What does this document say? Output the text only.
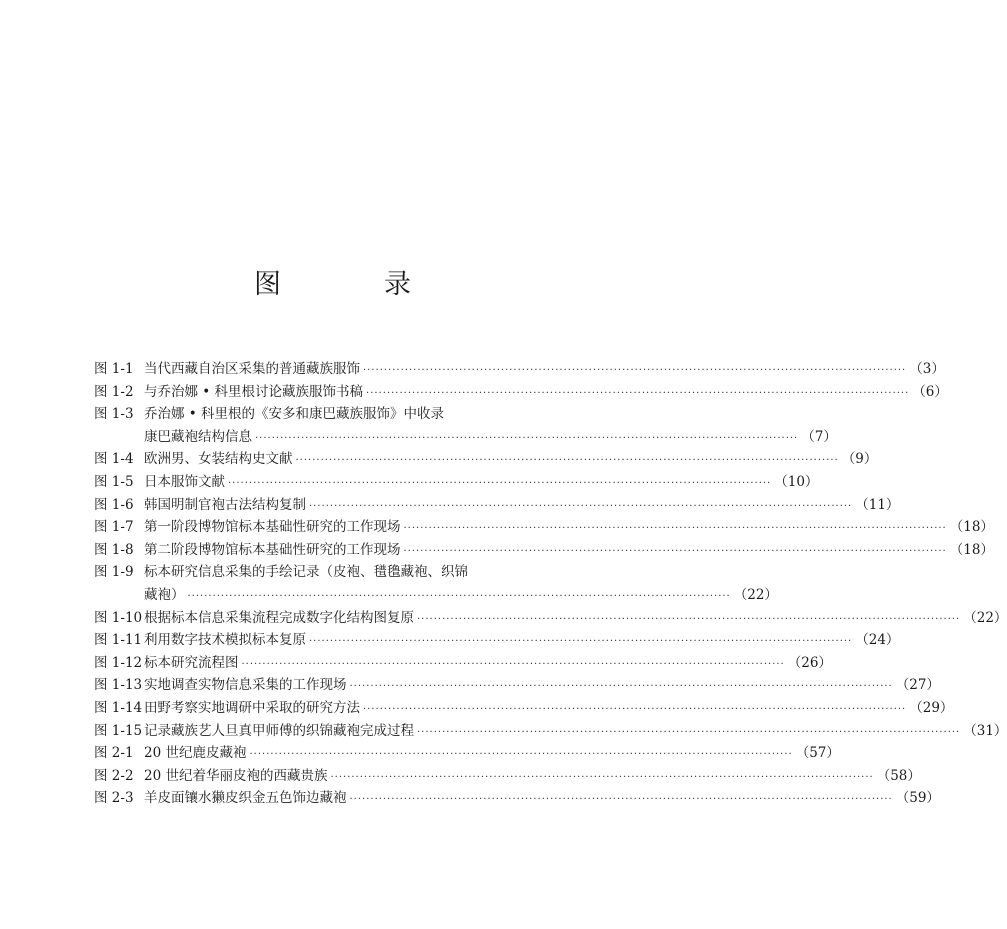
图　录
图 1-1 当代西藏自治区采集的普通藏族服饰 ·····	（3）
图 1-2 与乔治娜 • 科里根讨论藏族服饰书稿 ·····	（6）
图 1-3 乔治娜 • 科里根的《安多和康巴藏族服饰》中收录
康巴藏袍结构信息 ·····	（7）
图 1-4 欧洲男、女装结构史文献 ·····	（9）
图 1-5 日本服饰文献 ·····	（10）
图 1-6 韩国明制官袍古法结构复制 ·····	（11）
图 1-7 第一阶段博物馆标本基础性研究的工作现场 ·····	（18）
图 1-8 第二阶段博物馆标本基础性研究的工作现场 ·····	（18）
图 1-9 标本研究信息采集的手绘记录（皮袍、氆氇藏袍、织锦
藏袍） ·····	（22）
图 1-10 根据标本信息采集流程完成数字化结构图复原 ·····	（22）
图 1-11 利用数字技术模拟标本复原 ·····	（24）
图 1-12 标本研究流程图 ·····	（26）
图 1-13 实地调查实物信息采集的工作现场 ·····	（27）
图 1-14 田野考察实地调研中采取的研究方法 ·····	（29）
图 1-15 记录藏族艺人旦真甲师傅的织锦藏袍完成过程 ·····	（31）
图 2-1 20 世纪鹿皮藏袍 ·····	（57）
图 2-2 20 世纪着华丽皮袍的西藏贵族 ·····	（58）
图 2-3 羊皮面镶水獭皮织金五色饰边藏袍 ·····	（59）
